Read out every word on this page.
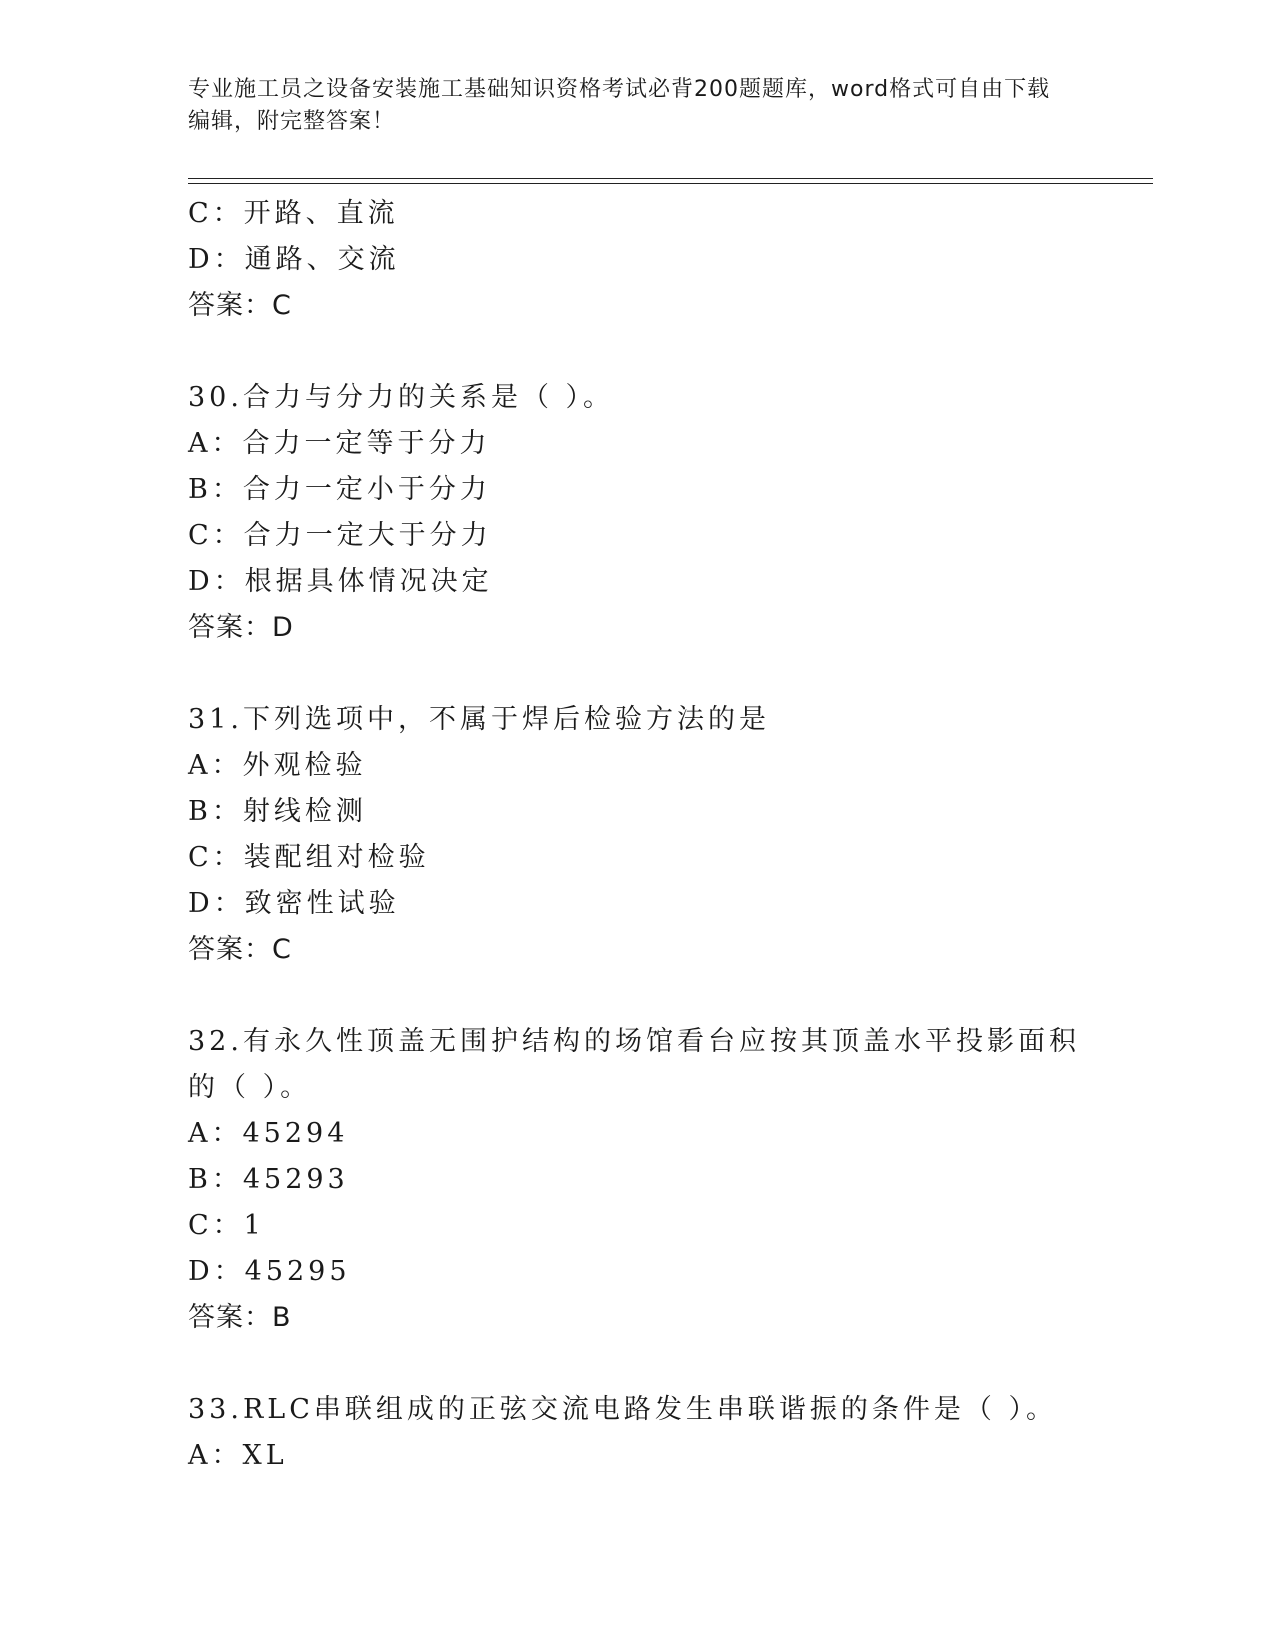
专业施工员之设备安装施工基础知识资格考试必背200题题库，word格式可自由下载编辑，附完整答案！
C：开路、直流
D：通路、交流
答案：C
30.合力与分力的关系是（ ）。
A：合力一定等于分力
B：合力一定小于分力
C：合力一定大于分力
D：根据具体情况决定
答案：D
31.下列选项中，不属于焊后检验方法的是
A：外观检验
B：射线检测
C：装配组对检验
D：致密性试验
答案：C
32.有永久性顶盖无围护结构的场馆看台应按其顶盖水平投影面积的（ ）。
A：45294
B：45293
C：1
D：45295
答案：B
33.RLC串联组成的正弦交流电路发生串联谐振的条件是（ ）。
A：XL
